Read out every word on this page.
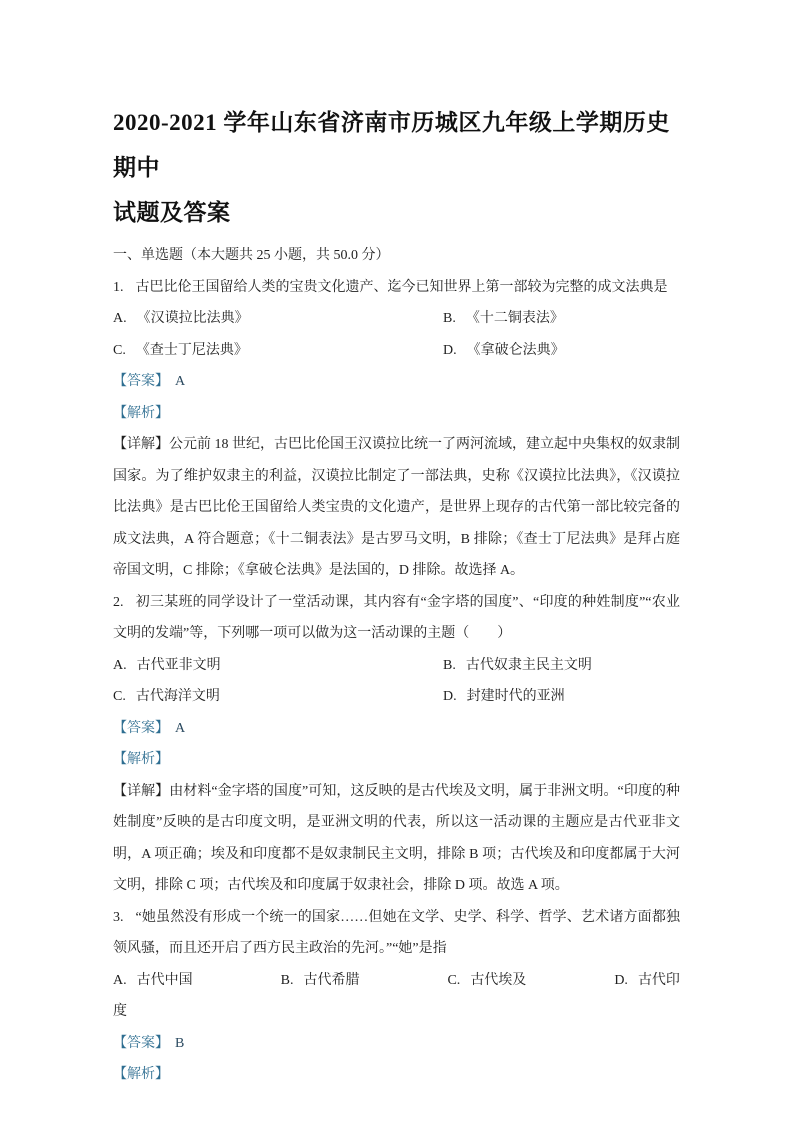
2020-2021 学年山东省济南市历城区九年级上学期历史期中
试题及答案

一、单选题（本大题共 25 小题，共 50.0 分）

1. 古巴比伦王国留给人类的宝贵文化遗产、迄今已知世界上第一部较为完整的成文法典是

A. 《汉谟拉比法典》	B. 《十二铜表法》
C. 《查士丁尼法典》	D. 《拿破仑法典》

【答案】 A

【解析】

【详解】公元前 18 世纪，古巴比伦国王汉谟拉比统一了两河流域，建立起中央集权的奴隶制国家。为了维护奴隶主的利益，汉谟拉比制定了一部法典，史称《汉谟拉比法典》，《汉谟拉比法典》是古巴比伦王国留给人类宝贵的文化遗产，是世界上现存的古代第一部比较完备的成文法典，A 符合题意；《十二铜表法》是古罗马文明，B 排除；《查士丁尼法典》是拜占庭帝国文明，C 排除；《拿破仑法典》是法国的，D 排除。故选择 A。

2. 初三某班的同学设计了一堂活动课，其内容有“金字塔的国度”、“印度的种姓制度”“农业文明的发端”等，下列哪一项可以做为这一活动课的主题（　　）

A. 古代亚非文明	B. 古代奴隶主民主文明
C. 古代海洋文明	D. 封建时代的亚洲

【答案】 A

【解析】

【详解】由材料“金字塔的国度”可知，这反映的是古代埃及文明，属于非洲文明。“印度的种姓制度”反映的是古印度文明，是亚洲文明的代表，所以这一活动课的主题应是古代亚非文明，A 项正确；埃及和印度都不是奴隶制民主文明，排除 B 项；古代埃及和印度都属于大河文明，排除 C 项；古代埃及和印度属于奴隶社会，排除 D 项。故选 A 项。

3. “她虽然没有形成一个统一的国家……但她在文学、史学、科学、哲学、艺术诸方面都独领风骚，而且还开启了西方民主政治的先河。”“她”是指

A. 古代中国	B. 古代希腊	C. 古代埃及	D. 古代印度

【答案】 B

【解析】
